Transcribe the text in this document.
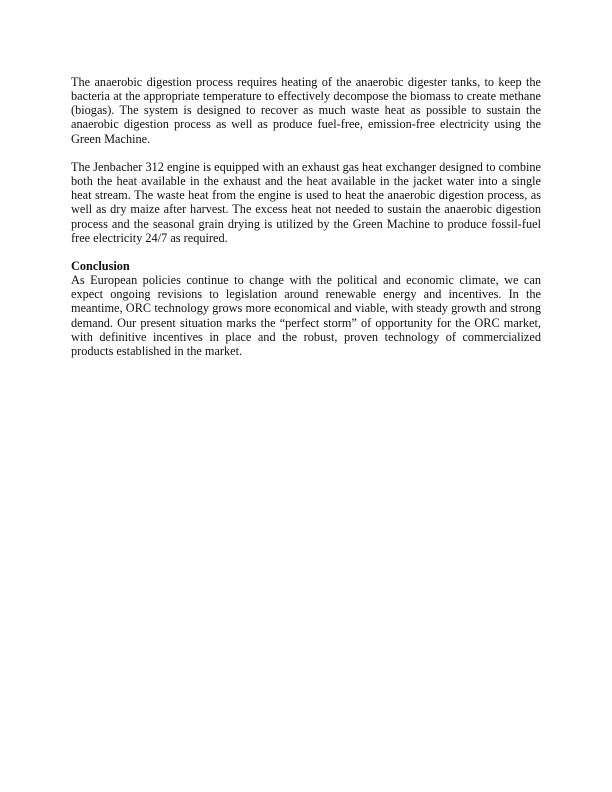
The anaerobic digestion process requires heating of the anaerobic digester tanks, to keep the bacteria at the appropriate temperature to effectively decompose the biomass to create methane (biogas). The system is designed to recover as much waste heat as possible to sustain the anaerobic digestion process as well as produce fuel-free, emission-free electricity using the Green Machine.

The Jenbacher 312 engine is equipped with an exhaust gas heat exchanger designed to combine both the heat available in the exhaust and the heat available in the jacket water into a single heat stream. The waste heat from the engine is used to heat the anaerobic digestion process, as well as dry maize after harvest. The excess heat not needed to sustain the anaerobic digestion process and the seasonal grain drying is utilized by the Green Machine to produce fossil-fuel free electricity 24/7 as required.

Conclusion

As European policies continue to change with the political and economic climate, we can expect ongoing revisions to legislation around renewable energy and incentives. In the meantime, ORC technology grows more economical and viable, with steady growth and strong demand. Our present situation marks the “perfect storm” of opportunity for the ORC market, with definitive incentives in place and the robust, proven technology of commercialized products established in the market.
